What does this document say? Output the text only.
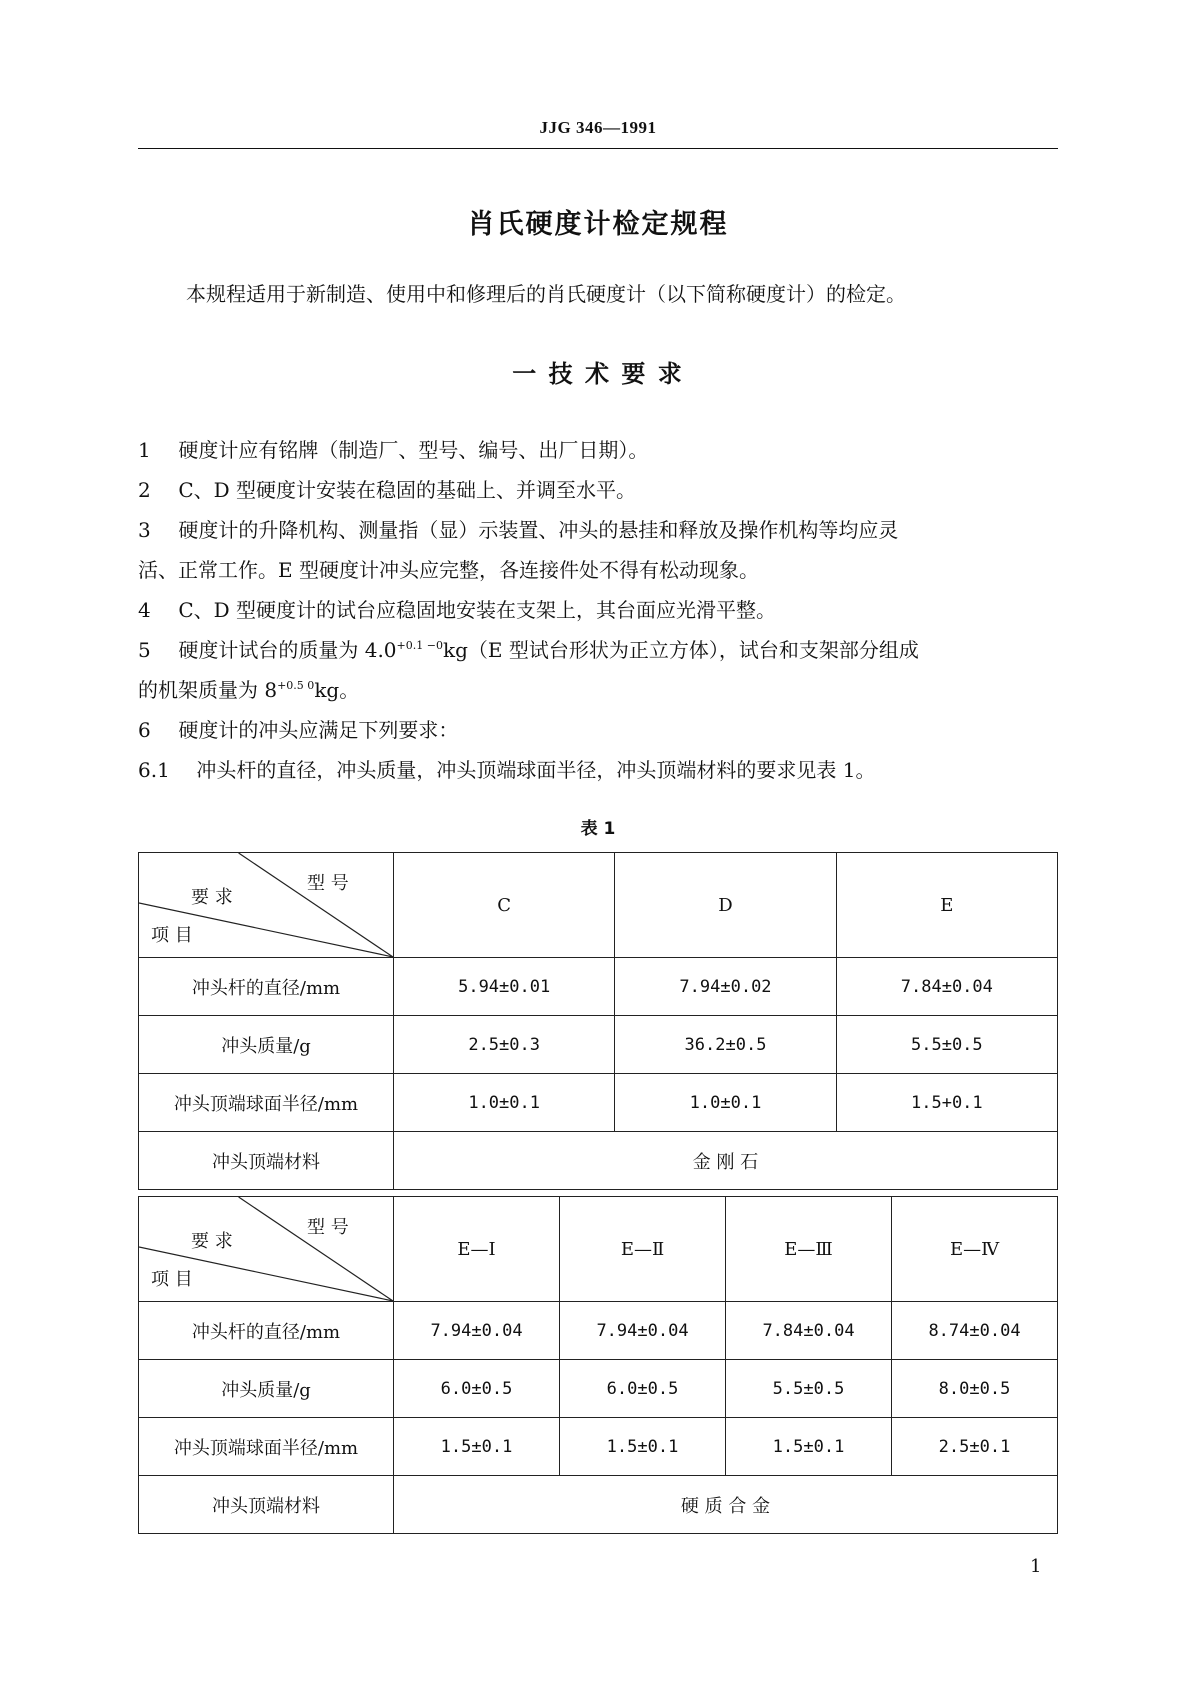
JJG 346—1991
肖氏硬度计检定规程
本规程适用于新制造、使用中和修理后的肖氏硬度计（以下简称硬度计）的检定。
一 技 术 要 求
1 硬度计应有铭牌（制造厂、型号、编号、出厂日期）。
2 C、D 型硬度计安装在稳固的基础上、并调至水平。
3 硬度计的升降机构、测量指（显）示装置、冲头的悬挂和释放及操作机构等均应灵
活、正常工作。E 型硬度计冲头应完整，各连接件处不得有松动现象。
4 C、D 型硬度计的试台应稳固地安装在支架上，其台面应光滑平整。
5 硬度计试台的质量为 $4.0^{+0.1 -0}kg(E$ 型试台形状为正立方体），试台和支架部分组成
的机架质量为 $8^{+0.5 0}kg$。
6 硬度计的冲头应满足下列要求：
6.1 冲头杆的直径，冲头质量，冲头顶端球面半径，冲头顶端材料的要求见表 1。
表 1
型 号
要 求
项 目	C	D	E
冲头杆的直径/mm	5.94±0.01	7.94±0.02	7.84±0.04
冲头质量/g	2.5±0.3	36.2±0.5	5.5±0.5
冲头顶端球面半径/mm	1.0±0.1	1.0±0.1	1.5+0.1
冲头顶端材料	金 刚 石		
型 号
要 求
项 目	E—Ⅰ	E—Ⅱ	E—Ⅲ	E—Ⅳ
冲头杆的直径/mm	7.94±0.04	7.94±0.04	7.84±0.04	8.74±0.04
冲头质量/g	6.0±0.5	6.0±0.5	5.5±0.5	8.0±0.5
冲头顶端球面半径/mm	1.5±0.1	1.5±0.1	1.5±0.1	2.5±0.1
冲头顶端材料	硬 质 合 金			
1
